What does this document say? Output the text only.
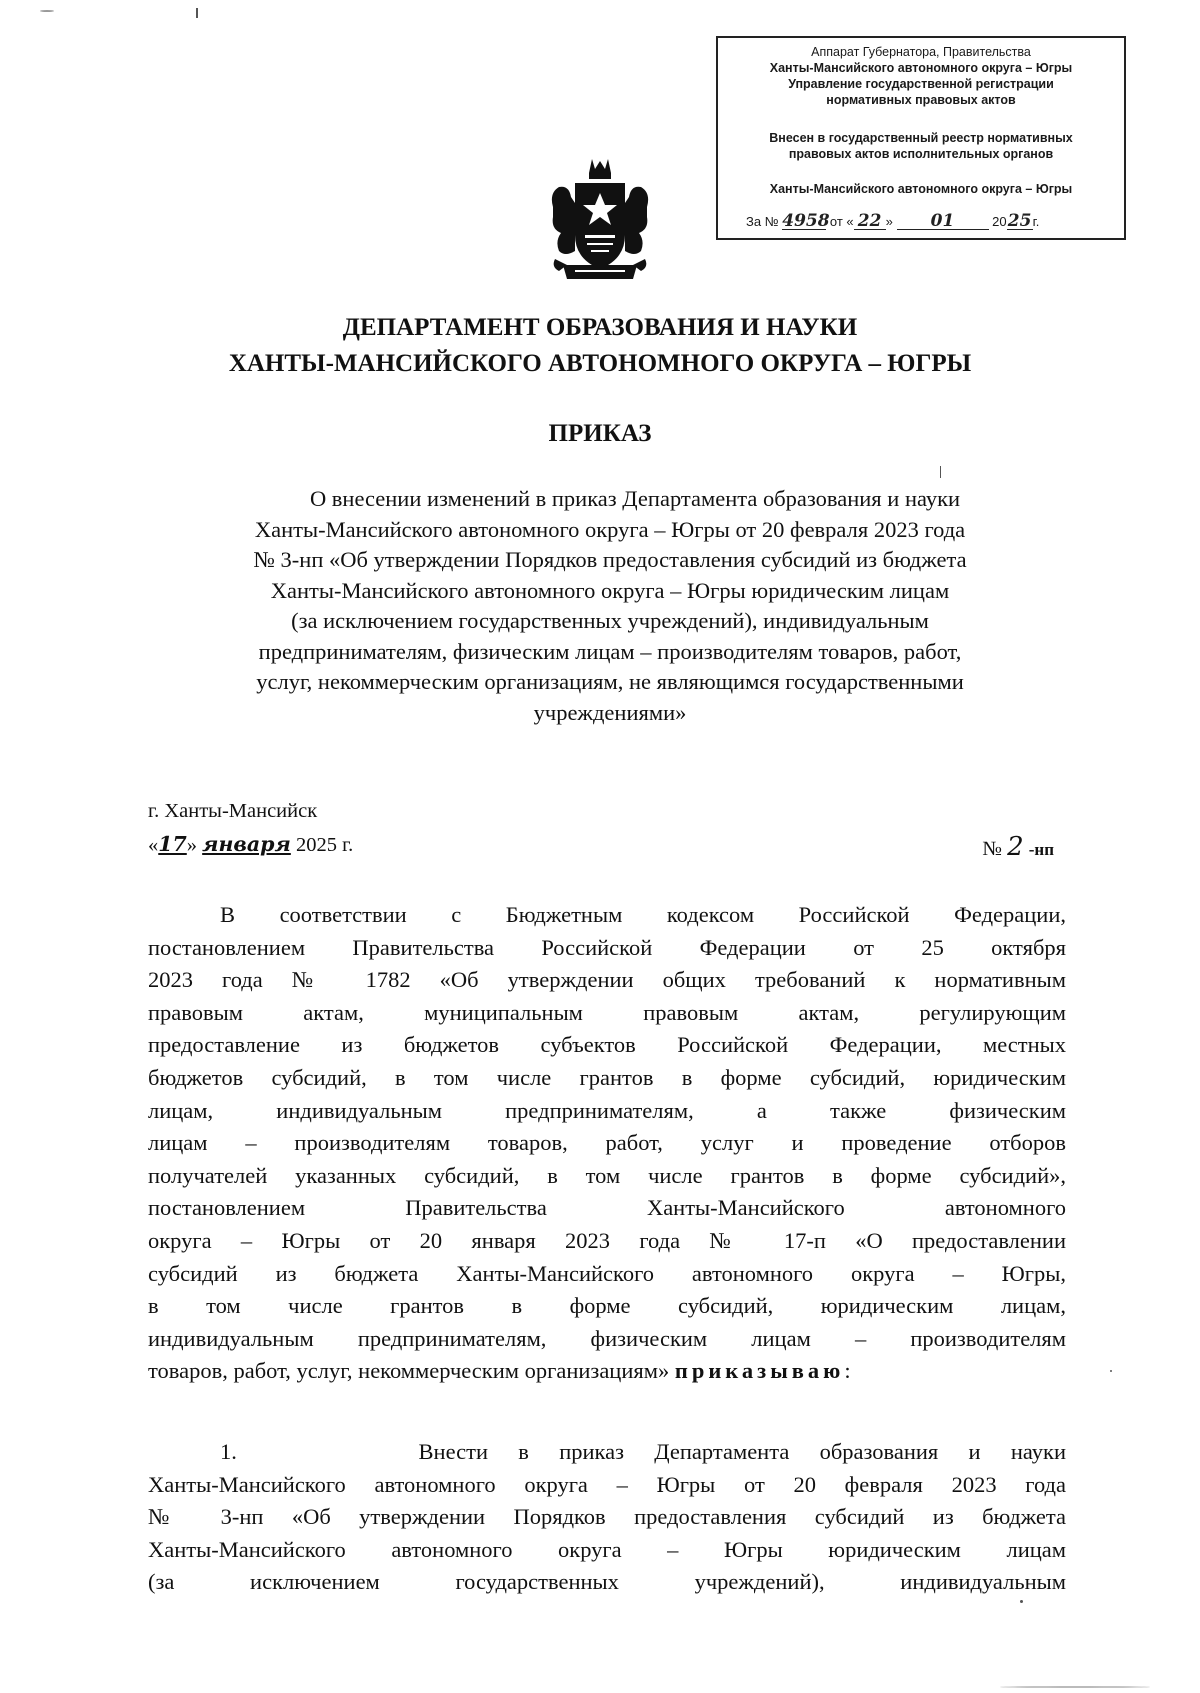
Аппарат Губернатора, Правительства
Ханты-Мансийского автономного округа – Югры
Управление государственной регистрации
нормативных правовых актов
Внесен в государственный реестр нормативных
правовых актов исполнительных органов
Ханты-Мансийского автономного округа – Югры
За № 4958 от « 22 » 01	2025г.
ДЕПАРТАМЕНТ ОБРАЗОВАНИЯ И НАУКИ
ХАНТЫ-МАНСИЙСКОГО АВТОНОМНОГО ОКРУГА – ЮГРЫ
ПРИКАЗ
О внесении изменений в приказ Департамента образования и науки
Ханты-Мансийского автономного округа – Югры от 20 февраля 2023 года
№ 3-нп «Об утверждении Порядков предоставления субсидий из бюджета
Ханты-Мансийского автономного округа – Югры юридическим лицам
(за исключением государственных учреждений), индивидуальным
предпринимателям, физическим лицам – производителям товаров, работ,
услуг, некоммерческим организациям, не являющимся государственными
учреждениями»
г. Ханты-Мансийск
«17» января 2025 г.	№ 2 -нп
В соответствии с Бюджетным кодексом Российской Федерации,
постановлением Правительства Российской Федерации от 25 октября
2023 года № 1782 «Об утверждении общих требований к нормативным
правовым актам, муниципальным правовым актам, регулирующим
предоставление из бюджетов субъектов Российской Федерации, местных
бюджетов субсидий, в том числе грантов в форме субсидий, юридическим
лицам, индивидуальным предпринимателям, а также физическим
лицам – производителям товаров, работ, услуг и проведение отборов
получателей указанных субсидий, в том числе грантов в форме субсидий»,
постановлением Правительства Ханты-Мансийского автономного
округа – Югры от 20 января 2023 года № 17-п «О предоставлении
субсидий из бюджета Ханты-Мансийского автономного округа – Югры,
в том числе грантов в форме субсидий, юридическим лицам,
индивидуальным предпринимателям, физическим лицам – производителям
товаров, работ, услуг, некоммерческим организациям» приказываю:
1.      Внести в приказ Департамента образования и науки
Ханты-Мансийского автономного округа – Югры от 20 февраля 2023 года
№ 3-нп «Об утверждении Порядков предоставления субсидий из бюджета
Ханты-Мансийского автономного округа – Югры юридическим лицам
(за исключением государственных учреждений), индивидуальным
